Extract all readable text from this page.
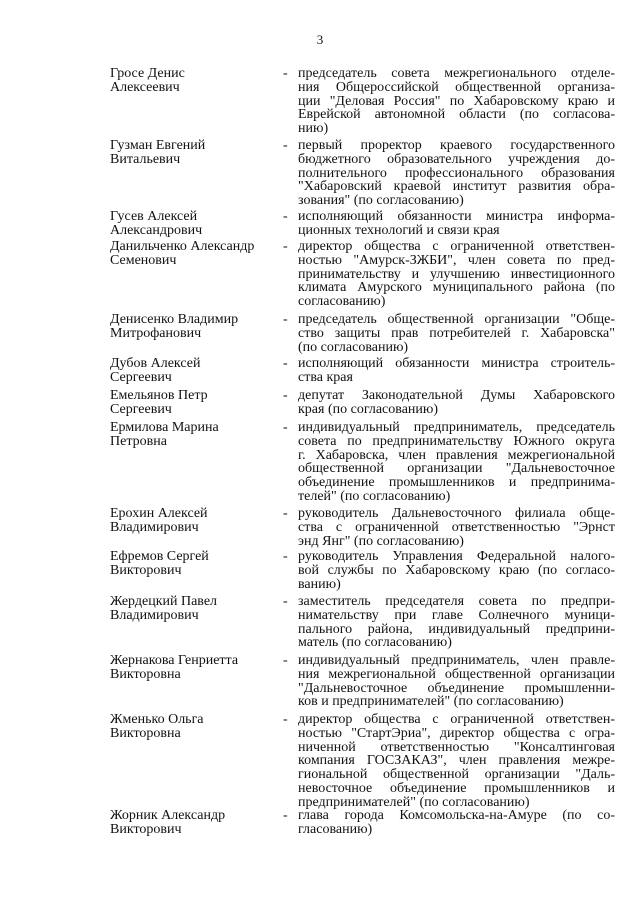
3
Гросе Денис
Алексеевич
- председатель совета межрегионального отделе-
ния Общероссийской общественной организа-
ции "Деловая Россия" по Хабаровскому краю и
Еврейской автономной области (по согласова-
нию)
Гузман Евгений
Витальевич
- первый проректор краевого государственного
бюджетного образовательного учреждения до-
полнительного профессионального образования
"Хабаровский краевой институт развития обра-
зования" (по согласованию)
Гусев Алексей
Александрович
- исполняющий обязанности министра информа-
ционных технологий и связи края
Данильченко Александр
Семенович
- директор общества с ограниченной ответствен-
ностью "Амурск-ЗЖБИ", член совета по пред-
принимательству и улучшению инвестиционного
климата Амурского муниципального района (по
согласованию)
Денисенко Владимир
Митрофанович
- председатель общественной организации "Обще-
ство защиты прав потребителей г. Хабаровска"
(по согласованию)
Дубов Алексей
Сергеевич
- исполняющий обязанности министра строитель-
ства края
Емельянов Петр
Сергеевич
- депутат Законодательной Думы Хабаровского
края (по согласованию)
Ермилова Марина
Петровна
- индивидуальный предприниматель, председатель
совета по предпринимательству Южного округа
г. Хабаровска, член правления межрегиональной
общественной организации "Дальневосточное
объединение промышленников и предпринима-
телей" (по согласованию)
Ерохин Алексей
Владимирович
- руководитель Дальневосточного филиала обще-
ства с ограниченной ответственностью "Эрнст
энд Янг" (по согласованию)
Ефремов Сергей
Викторович
- руководитель Управления Федеральной налого-
вой службы по Хабаровскому краю (по согласо-
ванию)
Жердецкий Павел
Владимирович
- заместитель председателя совета по предпри-
нимательству при главе Солнечного муници-
пального района, индивидуальный предприни-
матель (по согласованию)
Жернакова Генриетта
Викторовна
- индивидуальный предприниматель, член правле-
ния межрегиональной общественной организации
"Дальневосточное объединение промышленни-
ков и предпринимателей" (по согласованию)
Жменько Ольга
Викторовна
- директор общества с ограниченной ответствен-
ностью "СтартЭриа", директор общества с огра-
ниченной ответственностью "Консалтинговая
компания ГОСЗАКАЗ", член правления межре-
гиональной общественной организации "Даль-
невосточное объединение промышленников и
предпринимателей" (по согласованию)
Жорник Александр
Викторович
- глава города Комсомольска-на-Амуре (по со-
гласованию)
